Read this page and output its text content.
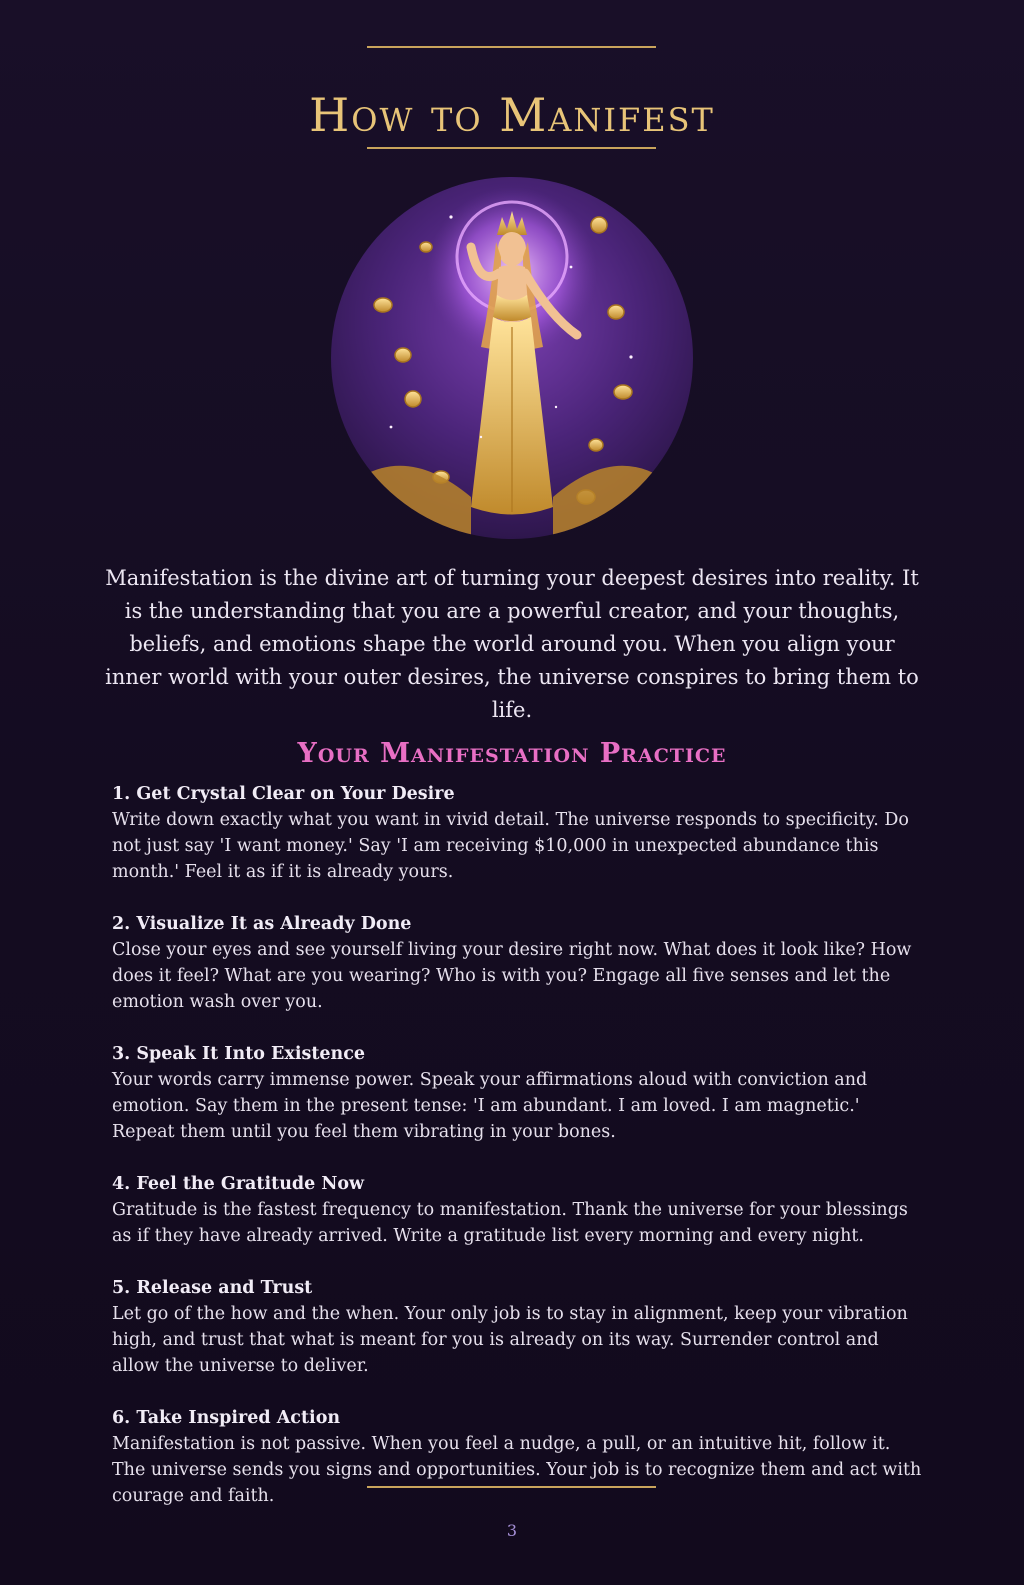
How to Manifest

Manifestation is the divine art of turning your deepest desires into reality. It is the understanding that you are a powerful creator, and your thoughts, beliefs, and emotions shape the world around you. When you align your inner world with your outer desires, the universe conspires to bring them to life.

Your Manifestation Practice
1. Get Crystal Clear on Your Desire

Write down exactly what you want in vivid detail. The universe responds to specificity. Do not just say 'I want money.' Say 'I am receiving $10,000 in unexpected abundance this month.' Feel it as if it is already yours.

2. Visualize It as Already Done

Close your eyes and see yourself living your desire right now. What does it look like? How does it feel? What are you wearing? Who is with you? Engage all five senses and let the emotion wash over you.

3. Speak It Into Existence

Your words carry immense power. Speak your affirmations aloud with conviction and emotion. Say them in the present tense: 'I am abundant. I am loved. I am magnetic.' Repeat them until you feel them vibrating in your bones.

4. Feel the Gratitude Now

Gratitude is the fastest frequency to manifestation. Thank the universe for your blessings as if they have already arrived. Write a gratitude list every morning and every night.

5. Release and Trust

Let go of the how and the when. Your only job is to stay in alignment, keep your vibration high, and trust that what is meant for you is already on its way. Surrender control and allow the universe to deliver.

6. Take Inspired Action

Manifestation is not passive. When you feel a nudge, a pull, or an intuitive hit, follow it. The universe sends you signs and opportunities. Your job is to recognize them and act with courage and faith.

3
